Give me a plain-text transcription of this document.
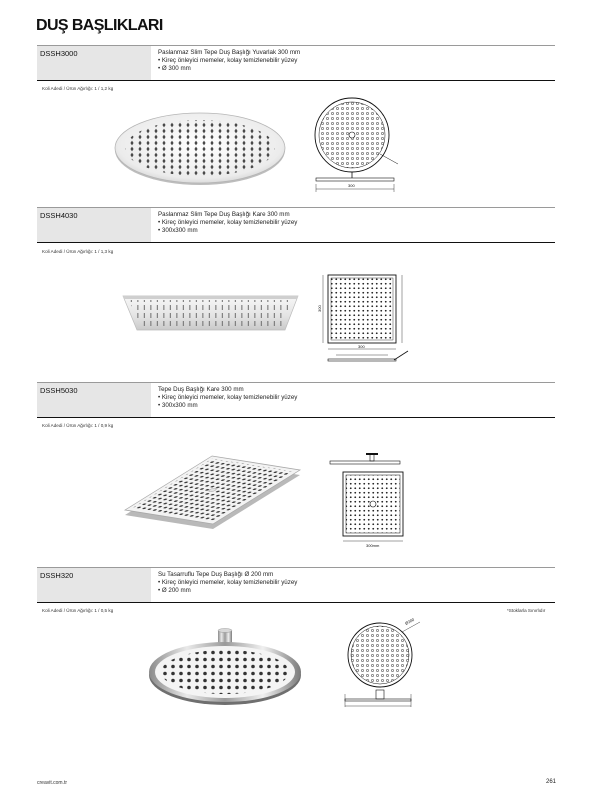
DUŞ BAŞLIKLARI
DSSH3000	Paslanmaz Slim Tepe Duş Başlığı Yuvarlak 300 mm
• Kireç önleyici memeler, kolay temizlenebilir yüzey
• Ø 300 mm
Koli Adedi / Ürün Ağırlığı: 1 / 1,2 kg
300
DSSH4030	Paslanmaz Slim Tepe Duş Başlığı Kare 300 mm
• Kireç önleyici memeler, kolay temizlenebilir yüzey
• 300x300 mm
Koli Adedi / Ürün Ağırlığı: 1 / 1,3 kg
300
300
DSSH5030	Tepe Duş Başlığı Kare 300 mm
• Kireç önleyici memeler, kolay temizlenebilir yüzey
• 300x300 mm
Koli Adedi / Ürün Ağırlığı: 1 / 0,9 kg
300mm
DSSH320	Su Tasarruflu Tepe Duş Başlığı Ø 200 mm
• Kireç önleyici memeler, kolay temizlenebilir yüzey
• Ø 200 mm
Koli Adedi / Ürün Ağırlığı: 1 / 0,5 kg	*Stoklarla Sınırlıdır
Ø200
creavit.com.tr	261
